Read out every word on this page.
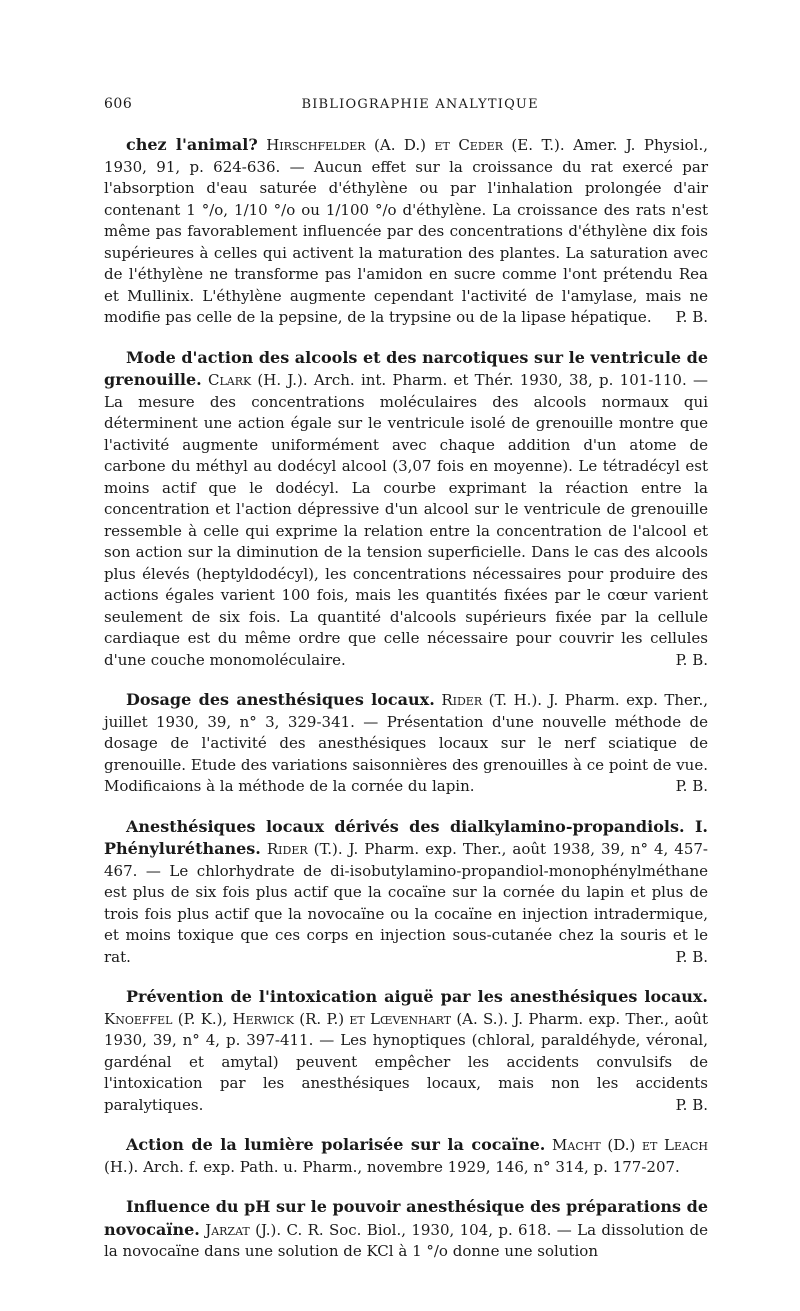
606	BIBLIOGRAPHIE ANALYTIQUE

chez l'animal? Hirschfelder (A. D.) et Ceder (E. T.). Amer. J. Physiol., 1930, 91, p. 624-636. — Aucun effet sur la croissance du rat exercé par l'absorption d'eau saturée d'éthylène ou par l'inhalation prolongée d'air contenant 1 °/o, 1/10 °/o ou 1/100 °/o d'éthylène. La croissance des rats n'est même pas favorablement influencée par des concentrations d'éthylène dix fois supérieures à celles qui activent la maturation des plantes. La saturation avec de l'éthylène ne transforme pas l'amidon en sucre comme l'ont prétendu Rea et Mullinix. L'éthylène augmente cependant l'activité de l'amylase, mais ne modifie pas celle de la pepsine, de la trypsine ou de la lipase hépatique. P. B.

Mode d'action des alcools et des narcotiques sur le ventricule de grenouille. Clark (H. J.). Arch. int. Pharm. et Thér. 1930, 38, p. 101-110. — La mesure des concentrations moléculaires des alcools normaux qui déterminent une action égale sur le ventricule isolé de grenouille montre que l'activité augmente uniformément avec chaque addition d'un atome de carbone du méthyl au dodécyl alcool (3,07 fois en moyenne). Le tétradécyl est moins actif que le dodécyl. La courbe exprimant la réaction entre la concentration et l'action dépressive d'un alcool sur le ventricule de grenouille ressemble à celle qui exprime la relation entre la concentration de l'alcool et son action sur la diminution de la tension superficielle. Dans le cas des alcools plus élevés (heptyldodécyl), les concentrations nécessaires pour produire des actions égales varient 100 fois, mais les quantités fixées par le cœur varient seulement de six fois. La quantité d'alcools supérieurs fixée par la cellule cardiaque est du même ordre que celle nécessaire pour couvrir les cellules d'une couche monomoléculaire.	P. B.

Dosage des anesthésiques locaux. Rider (T. H.). J. Pharm. exp. Ther., juillet 1930, 39, n° 3, 329-341. — Présentation d'une nouvelle méthode de dosage de l'activité des anesthésiques locaux sur le nerf sciatique de grenouille. Etude des variations saisonnières des grenouilles à ce point de vue. Modificaions à la méthode de la cornée du lapin.	P. B.

Anesthésiques locaux dérivés des dialkylamino-propandiols. I. Phényluréthanes. Rider (T.). J. Pharm. exp. Ther., août 1938, 39, n° 4, 457-467. — Le chlorhydrate de di-isobutylamino-propandiol-monophénylméthane est plus de six fois plus actif que la cocaïne sur la cornée du lapin et plus de trois fois plus actif que la novocaïne ou la cocaïne en injection intradermique, et moins toxique que ces corps en injection sous-cutanée chez la souris et le rat.	P. B.

Prévention de l'intoxication aiguë par les anesthésiques locaux. Knoeffel (P. K.), Herwick (R. P.) et Lœvenhart (A. S.). J. Pharm. exp. Ther., août 1930, 39, n° 4, p. 397-411. — Les hynoptiques (chloral, paraldéhyde, véronal, gardénal et amytal) peuvent empêcher les accidents convulsifs de l'intoxication par les anesthésiques locaux, mais non les accidents paralytiques.	P. B.

Action de la lumière polarisée sur la cocaïne. Macht (D.) et Leach (H.). Arch. f. exp. Path. u. Pharm., novembre 1929, 146, n° 314, p. 177-207.

Influence du pH sur le pouvoir anesthésique des préparations de novocaïne. Jarzat (J.). C. R. Soc. Biol., 1930, 104, p. 618. — La dissolution de la novocaïne dans une solution de KCl à 1 °/o donne une solution
